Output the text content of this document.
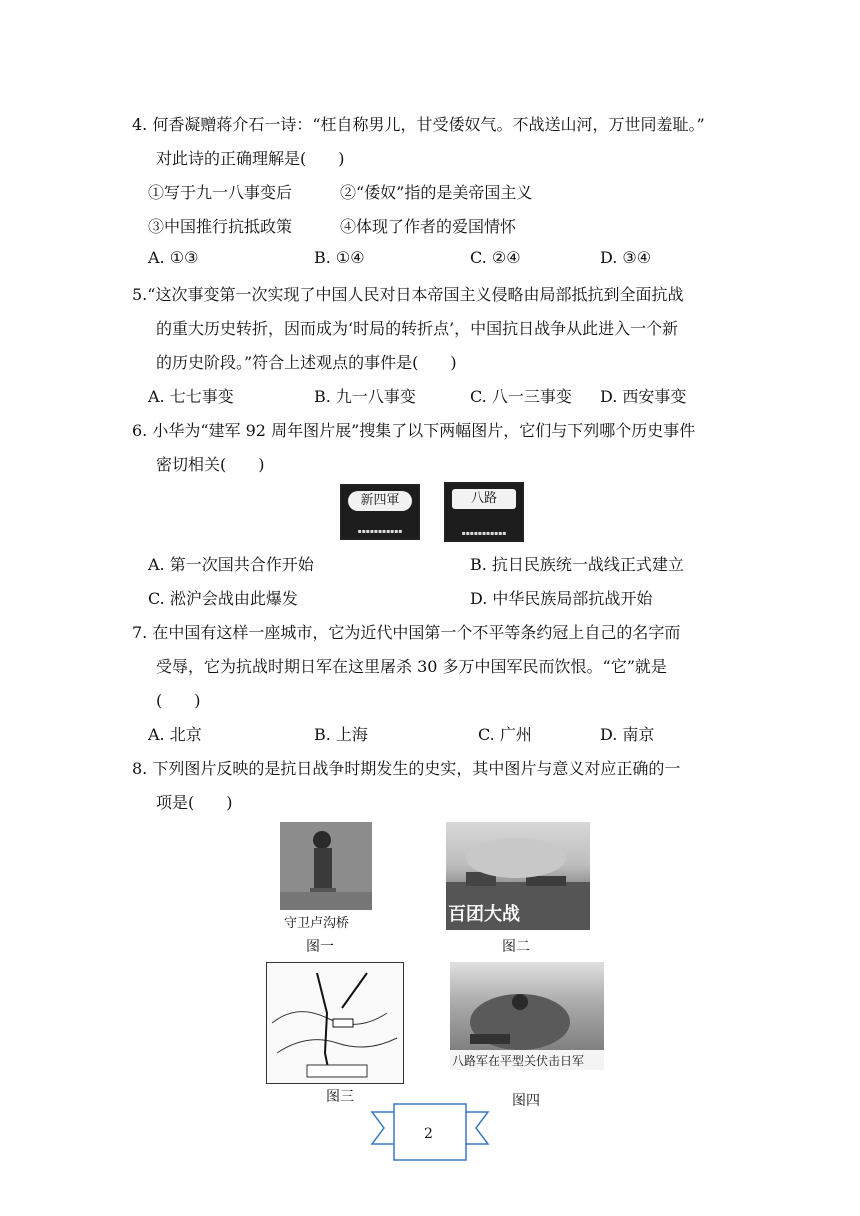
4. 何香凝赠蒋介石一诗：“枉自称男儿，甘受倭奴气。不战送山河，万世同羞耻。”
对此诗的正确理解是(　　)
①写于九一八事变后	②“倭奴”指的是美帝国主义
③中国推行抗抵政策	④体现了作者的爱国情怀
A. ①③	B. ①④	C. ②④	D. ③④
5.“这次事变第一次实现了中国人民对日本帝国主义侵略由局部抵抗到全面抗战
的重大历史转折，因而成为‘时局的转折点’，中国抗日战争从此进入一个新
的历史阶段。”符合上述观点的事件是(　　)
A. 七七事变	B. 九一八事变	C. 八一三事变 D. 西安事变
6. 小华为“建军 92 周年图片展”搜集了以下两幅图片，它们与下列哪个历史事件
密切相关(　　)
新四軍
▪▪▪▪▪▪▪▪▪▪▪
八路
▪▪▪▪▪▪▪▪▪▪▪
A. 第一次国共合作开始	B. 抗日民族统一战线正式建立
C. 淞沪会战由此爆发	D. 中华民族局部抗战开始
7. 在中国有这样一座城市，它为近代中国第一个不平等条约冠上自己的名字而
受辱，它为抗战时期日军在这里屠杀 30 多万中国军民而饮恨。“它”就是
(　　)
A. 北京	B. 上海	C. 广州	D. 南京
8. 下列图片反映的是抗日战争时期发生的史实，其中图片与意义对应正确的一
项是(　　)
守卫卢沟桥
图一
百团大战
图二
图三
八路军在平型关伏击日军
图四
2
